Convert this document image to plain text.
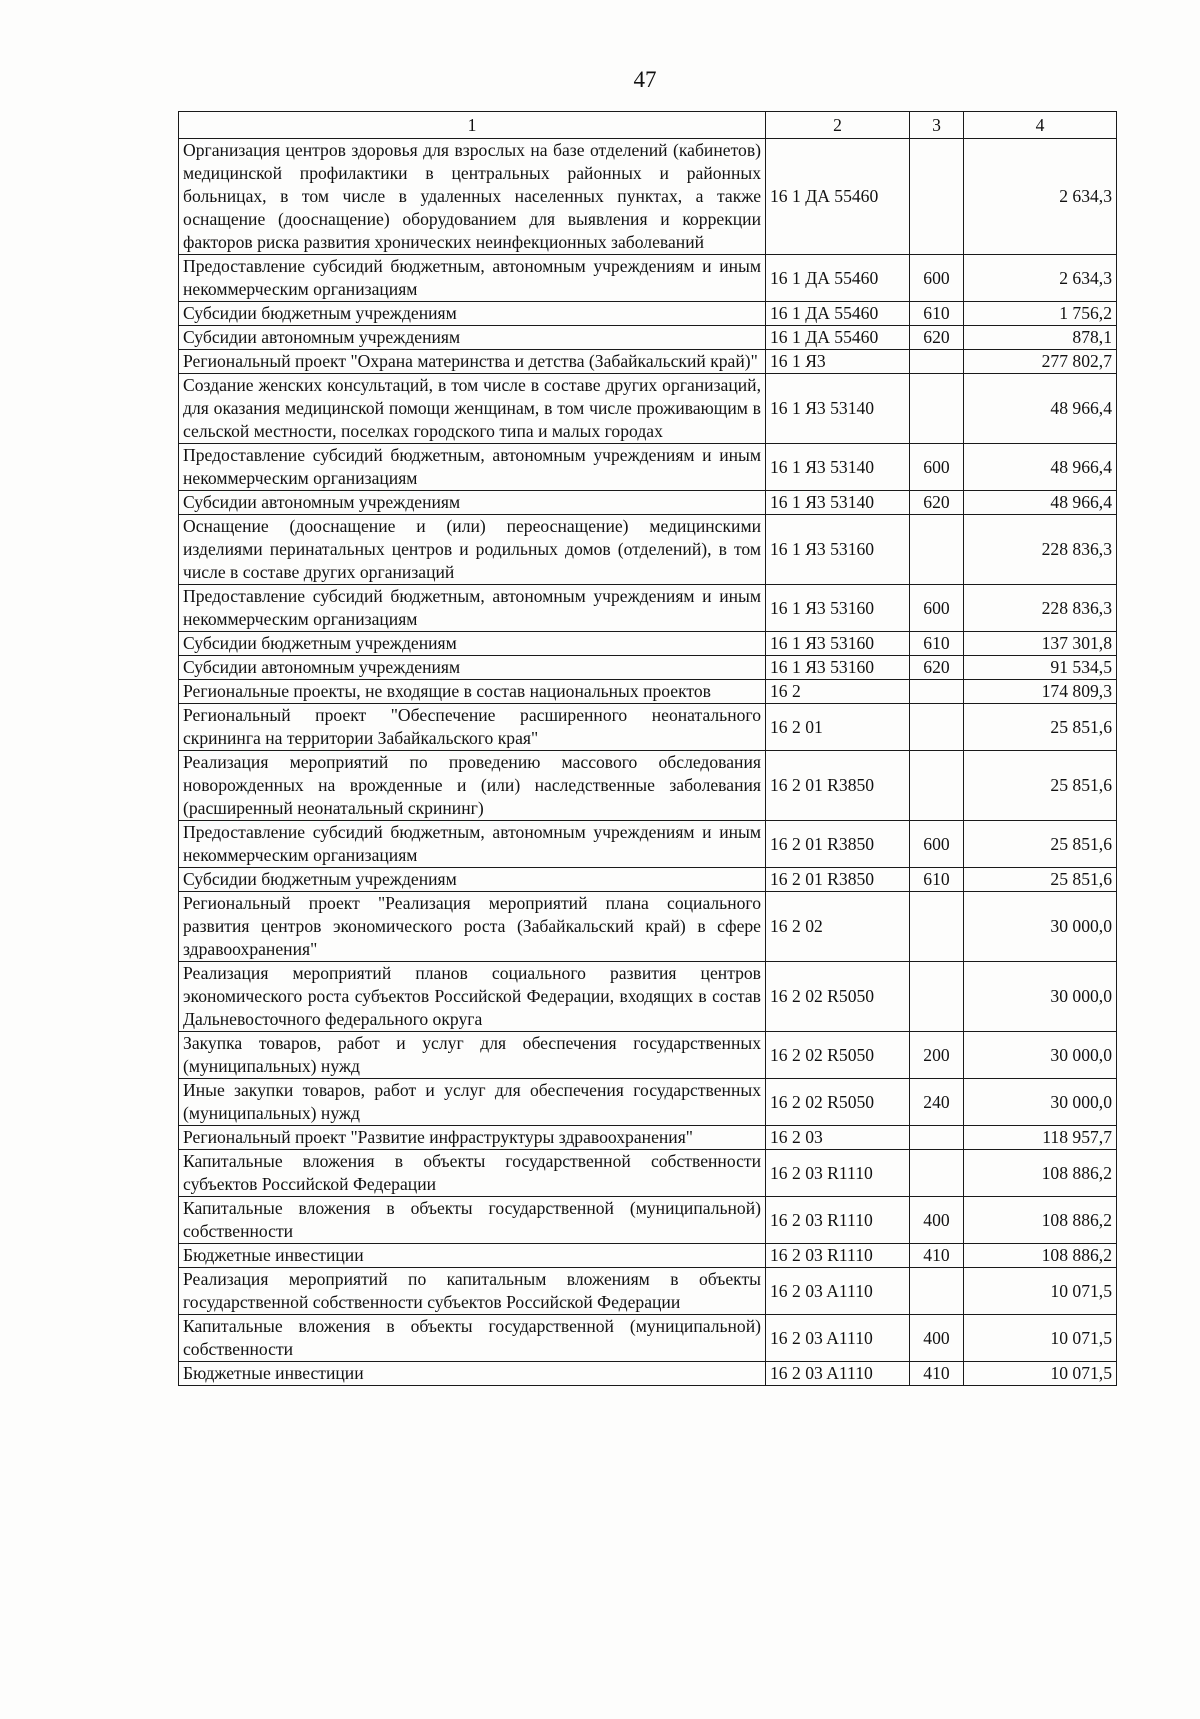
47
1	2	3	4
Организация центров здоровья для взрослых на базе отделений (кабинетов) медицинской профилактики в центральных районных и районных больницах, в том числе в удаленных населенных пунктах, а также оснащение (дооснащение) оборудованием для выявления и коррекции факторов риска развития хронических неинфекционных заболеваний	16 1 ДА 55460		2 634,3
Предоставление субсидий бюджетным, автономным учреждениям и иным некоммерческим организациям	16 1 ДА 55460	600	2 634,3
Субсидии бюджетным учреждениям	16 1 ДА 55460	610	1 756,2
Субсидии автономным учреждениям	16 1 ДА 55460	620	878,1
Региональный проект "Охрана материнства и детства (Забайкальский край)"	16 1 Я3		277 802,7
Создание женских консультаций, в том числе в составе других организаций, для оказания медицинской помощи женщинам, в том числе проживающим в сельской местности, поселках городского типа и малых городах	16 1 Я3 53140		48 966,4
Предоставление субсидий бюджетным, автономным учреждениям и иным некоммерческим организациям	16 1 Я3 53140	600	48 966,4
Субсидии автономным учреждениям	16 1 Я3 53140	620	48 966,4
Оснащение (дооснащение и (или) переоснащение) медицинскими изделиями перинатальных центров и родильных домов (отделений), в том числе в составе других организаций	16 1 Я3 53160		228 836,3
Предоставление субсидий бюджетным, автономным учреждениям и иным некоммерческим организациям	16 1 Я3 53160	600	228 836,3
Субсидии бюджетным учреждениям	16 1 Я3 53160	610	137 301,8
Субсидии автономным учреждениям	16 1 Я3 53160	620	91 534,5
Региональные проекты, не входящие в состав национальных проектов	16 2		174 809,3
Региональный проект "Обеспечение расширенного неонатального скрининга на территории Забайкальского края"	16 2 01		25 851,6
Реализация мероприятий по проведению массового обследования новорожденных на врожденные и (или) наследственные заболевания (расширенный неонатальный скрининг)	16 2 01 R3850		25 851,6
Предоставление субсидий бюджетным, автономным учреждениям и иным некоммерческим организациям	16 2 01 R3850	600	25 851,6
Субсидии бюджетным учреждениям	16 2 01 R3850	610	25 851,6
Региональный проект "Реализация мероприятий плана социального развития центров экономического роста (Забайкальский край) в сфере здравоохранения"	16 2 02		30 000,0
Реализация мероприятий планов социального развития центров экономического роста субъектов Российской Федерации, входящих в состав Дальневосточного федерального округа	16 2 02 R5050		30 000,0
Закупка товаров, работ и услуг для обеспечения государственных (муниципальных) нужд	16 2 02 R5050	200	30 000,0
Иные закупки товаров, работ и услуг для обеспечения государственных (муниципальных) нужд	16 2 02 R5050	240	30 000,0
Региональный проект "Развитие инфраструктуры здравоохранения"	16 2 03		118 957,7
Капитальные вложения в объекты государственной собственности субъектов Российской Федерации	16 2 03 R1110		108 886,2
Капитальные вложения в объекты государственной (муниципальной) собственности	16 2 03 R1110	400	108 886,2
Бюджетные инвестиции	16 2 03 R1110	410	108 886,2
Реализация мероприятий по капитальным вложениям в объекты государственной собственности субъектов Российской Федерации	16 2 03 A1110		10 071,5
Капитальные вложения в объекты государственной (муниципальной) собственности	16 2 03 A1110	400	10 071,5
Бюджетные инвестиции	16 2 03 A1110	410	10 071,5
